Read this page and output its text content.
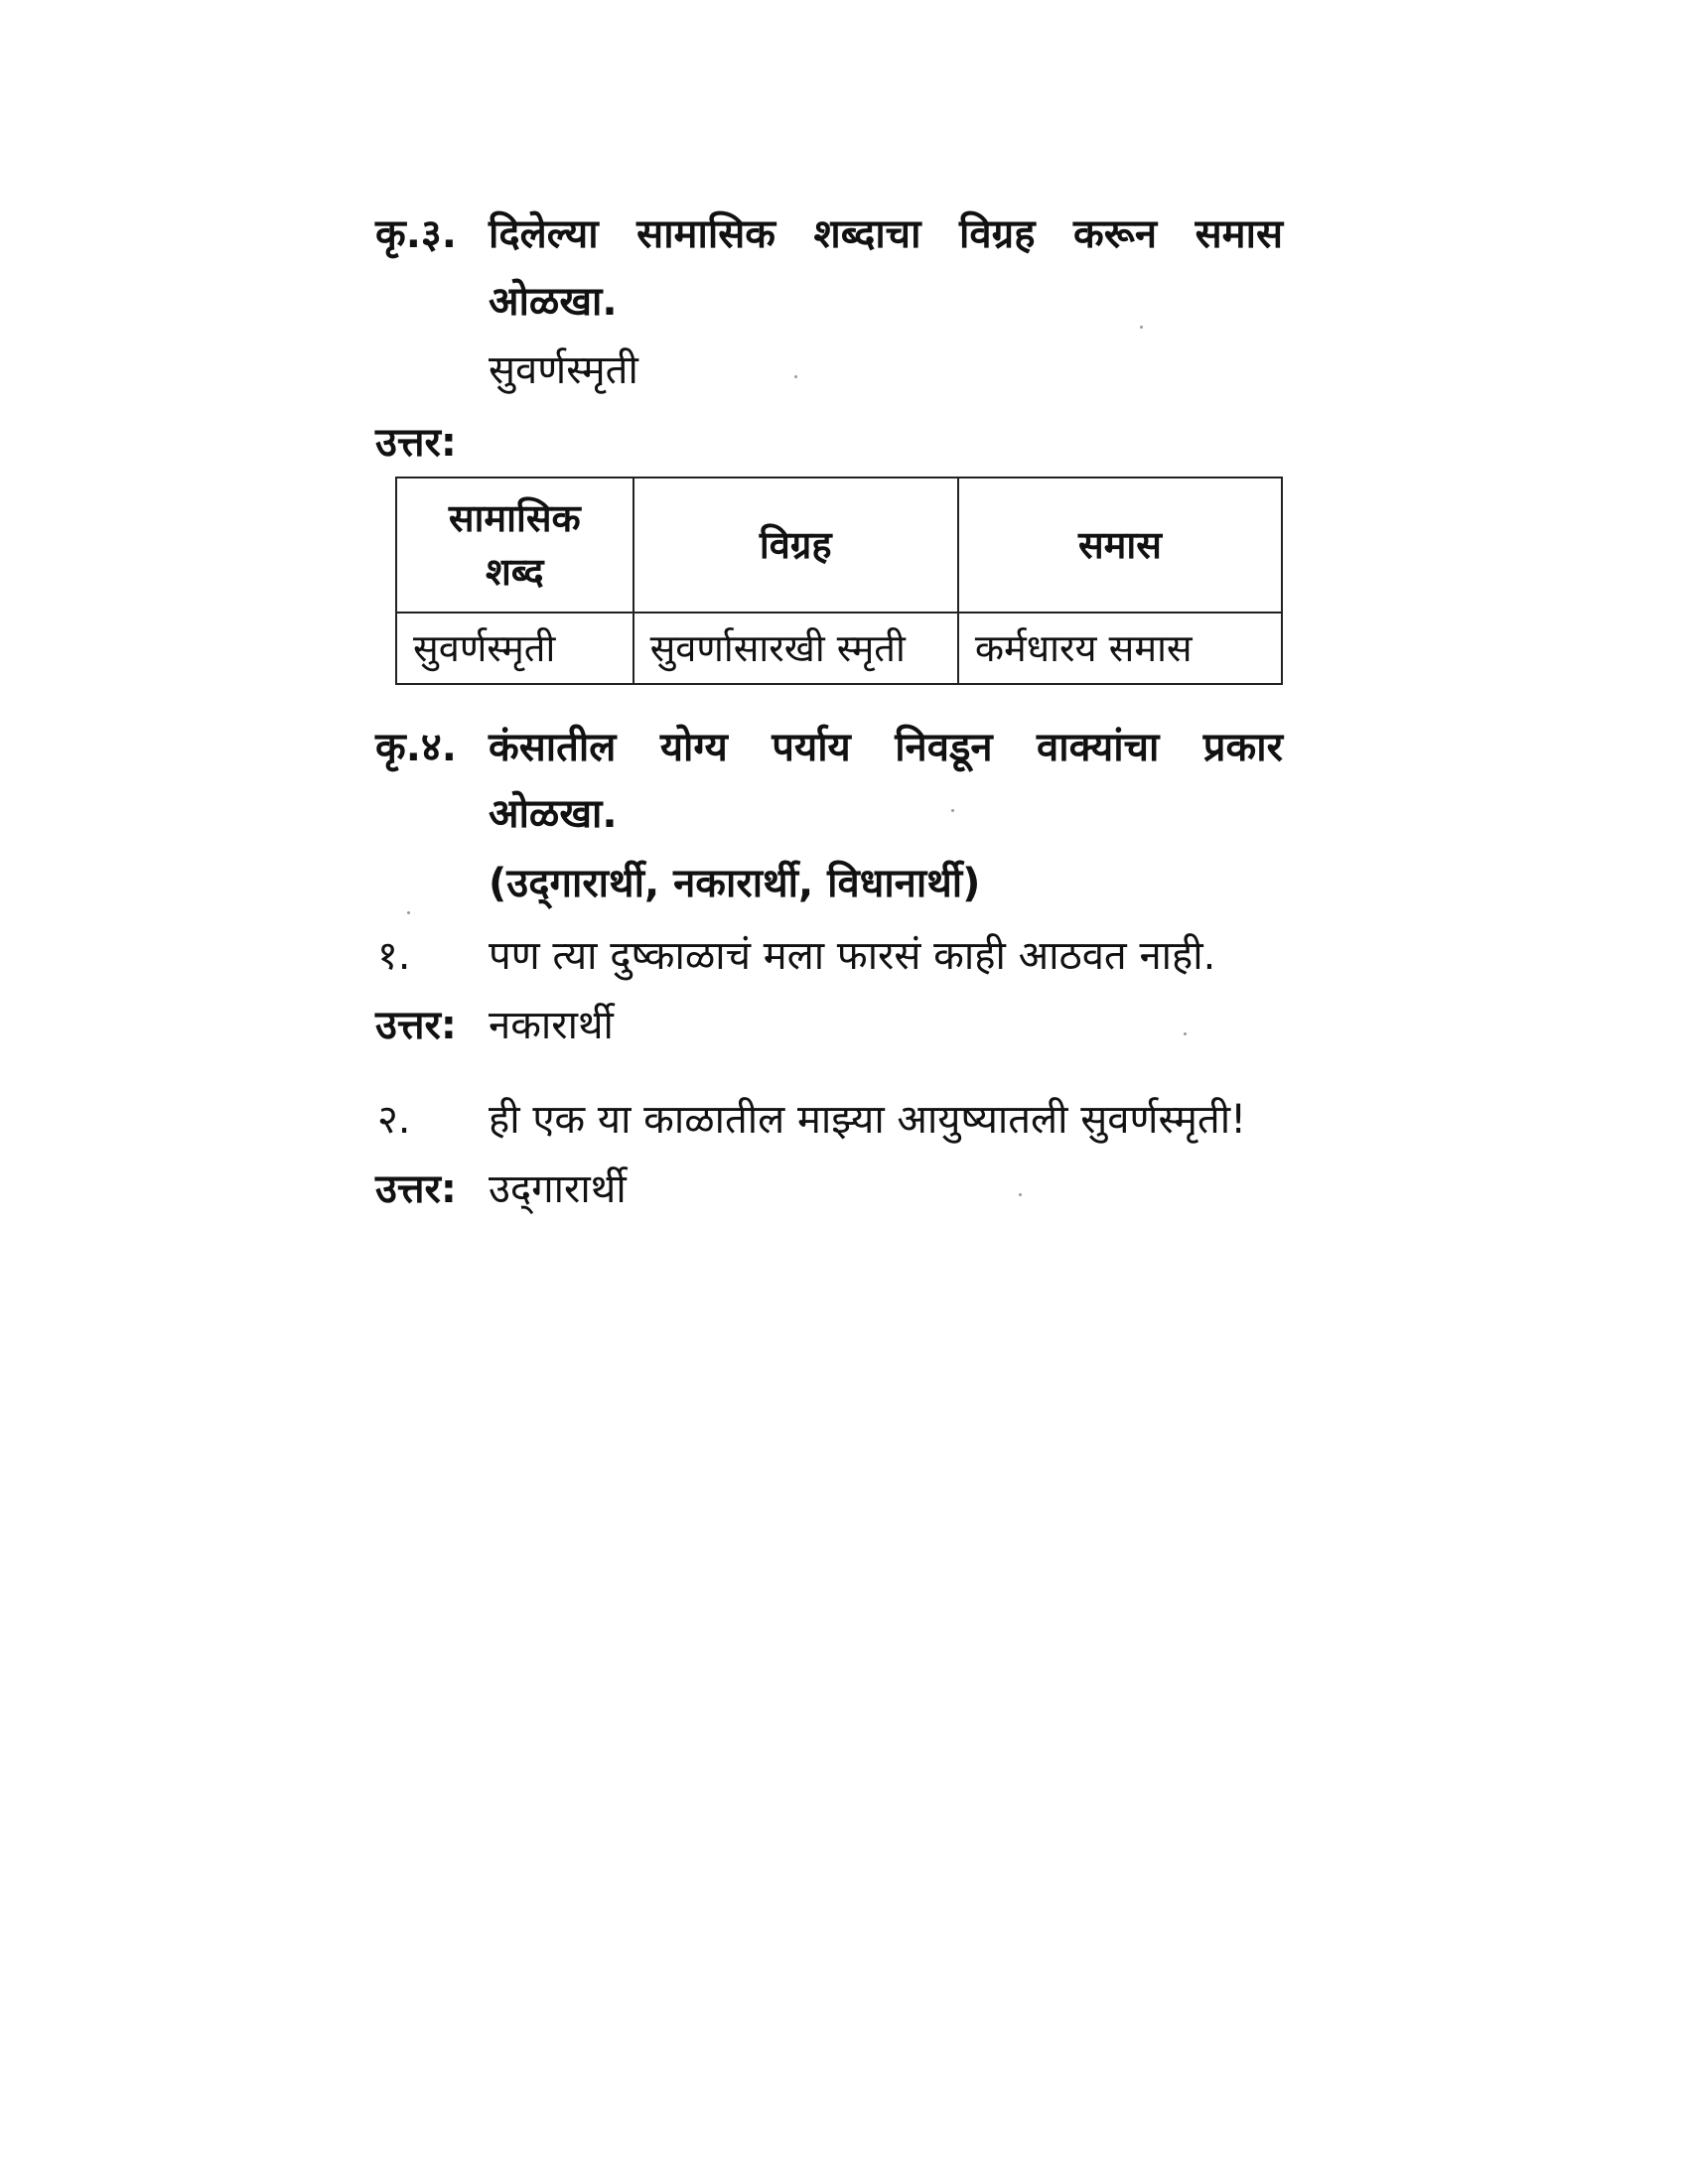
कृ.३. दिलेल्या सामासिक शब्दाचा विग्रह करून समास
ओळखा.
सुवर्णस्मृती
उत्तर:
सामासिक शब्द	विग्रह	समास
सुवर्णस्मृती	सुवर्णासारखी स्मृती	कर्मधारय समास
कृ.४. कंसातील योग्य पर्याय निवडून वाक्यांचा प्रकार
ओळखा.
(उद्‌गारार्थी, नकारार्थी, विधानार्थी)
१. पण त्या दुष्काळाचं मला फारसं काही आठवत नाही.
उत्तर: नकारार्थी
२. ही एक या काळातील माझ्या आयुष्यातली सुवर्णस्मृती!
उत्तर: उद्‌गारार्थी
